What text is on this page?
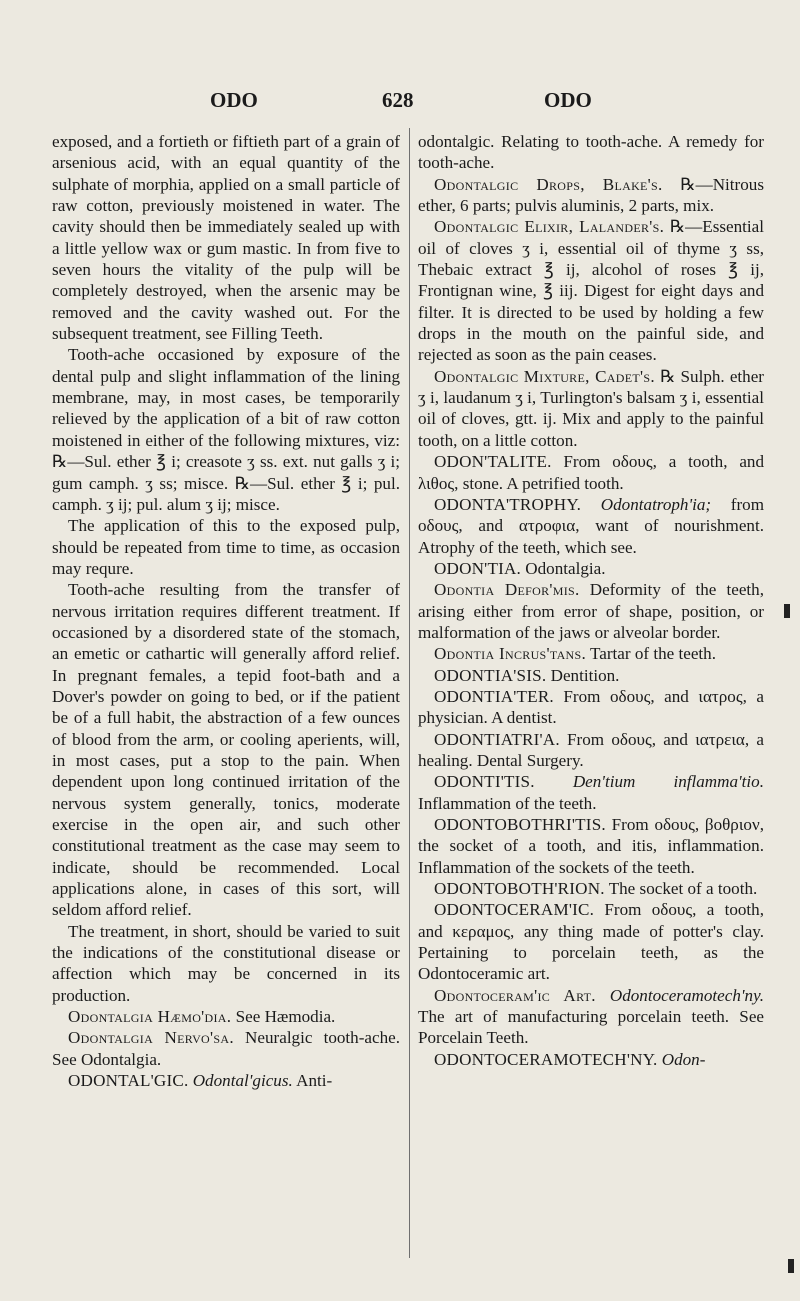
ODO	628	ODO

exposed, and a fortieth or fiftieth part of a grain of arsenious acid, with an equal quantity of the sulphate of morphia, applied on a small particle of raw cotton, previously moistened in water. The cavity should then be immediately sealed up with a little yellow wax or gum mastic. In from five to seven hours the vitality of the pulp will be completely destroyed, when the arsenic may be removed and the cavity washed out. For the subsequent treatment, see Filling Teeth.

Tooth-ache occasioned by exposure of the dental pulp and slight inflammation of the lining membrane, may, in most cases, be temporarily relieved by the application of a bit of raw cotton moistened in either of the following mixtures, viz: ℞—Sul. ether ℥ i; creasote ʒ ss. ext. nut galls ʒ i; gum camph. ʒ ss; misce. ℞—Sul. ether ℥ i; pul. camph. ʒ ij; pul. alum ʒ ij; misce.

The application of this to the exposed pulp, should be repeated from time to time, as occasion may requre.

Tooth-ache resulting from the transfer of nervous irritation requires different treatment. If occasioned by a disordered state of the stomach, an emetic or cathartic will generally afford relief. In pregnant females, a tepid foot-bath and a Dover's powder on going to bed, or if the patient be of a full habit, the abstraction of a few ounces of blood from the arm, or cooling aperients, will, in most cases, put a stop to the pain. When dependent upon long continued irritation of the nervous system generally, tonics, moderate exercise in the open air, and such other constitutional treatment as the case may seem to indicate, should be recommended. Local applications alone, in cases of this sort, will seldom afford relief.

The treatment, in short, should be varied to suit the indications of the constitutional disease or affection which may be concerned in its production.

Odontalgia Hæmo'dia. See Hæmodia.

Odontalgia Nervo'sa. Neuralgic tooth-ache. See Odontalgia.

ODONTAL'GIC. Odontal'gicus. Anti-

odontalgic. Relating to tooth-ache. A remedy for tooth-ache.

Odontalgic Drops, Blake's. ℞—Nitrous ether, 6 parts; pulvis aluminis, 2 parts, mix.

Odontalgic Elixir, Lalander's. ℞—Essential oil of cloves ʒ i, essential oil of thyme ʒ ss, Thebaic extract ℥ ij, alcohol of roses ℥ ij, Frontignan wine, ℥ iij. Digest for eight days and filter. It is directed to be used by holding a few drops in the mouth on the painful side, and rejected as soon as the pain ceases.

Odontalgic Mixture, Cadet's. ℞ Sulph. ether ʒ i, laudanum ʒ i, Turlington's balsam ʒ i, essential oil of cloves, gtt. ij. Mix and apply to the painful tooth, on a little cotton.

ODON'TALITE. From οδους, a tooth, and λιθος, stone. A petrified tooth.

ODONTA'TROPHY. Odontatroph'ia; from οδους, and ατροφια, want of nourishment. Atrophy of the teeth, which see.

ODON'TIA. Odontalgia.

Odontia Defor'mis. Deformity of the teeth, arising either from error of shape, position, or malformation of the jaws or alveolar border.

Odontia Incrus'tans. Tartar of the teeth.

ODONTIA'SIS. Dentition.

ODONTIA'TER. From οδους, and ιατρος, a physician. A dentist.

ODONTIATRI'A. From οδους, and ιατρεια, a healing. Dental Surgery.

ODONTI'TIS. Den'tium inflamma'tio. Inflammation of the teeth.

ODONTOBOTHRI'TIS. From οδους, βοθριον, the socket of a tooth, and itis, inflammation. Inflammation of the sockets of the teeth.

ODONTOBOTH'RION. The socket of a tooth.

ODONTOCERAM'IC. From οδους, a tooth, and κεραμος, any thing made of potter's clay. Pertaining to porcelain teeth, as the Odontoceramic art.

Odontoceram'ic Art. Odontoceramotech'ny. The art of manufacturing porcelain teeth. See Porcelain Teeth.

ODONTOCERAMOTECH'NY. Odon-
